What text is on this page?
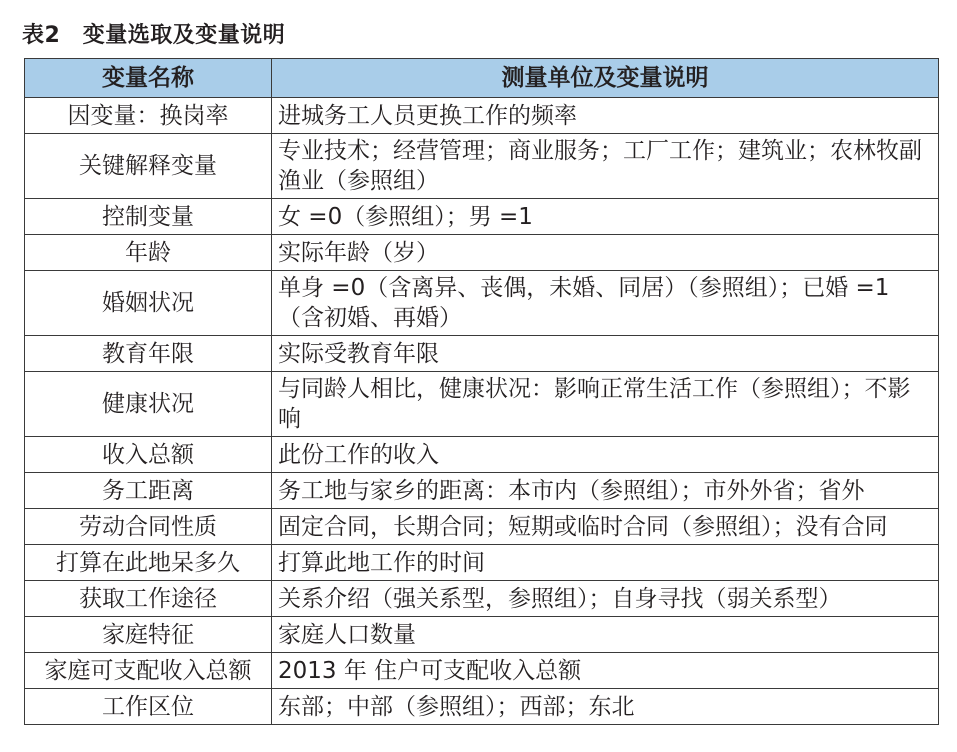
表2　变量选取及变量说明
变量名称	测量单位及变量说明
因变量：换岗率	进城务工人员更换工作的频率
关键解释变量	专业技术；经营管理；商业服务；工厂工作；建筑业；农林牧副渔业（参照组）
控制变量	女 =0（参照组）；男 =1
年龄	实际年龄（岁）
婚姻状况	单身 =0（含离异、丧偶，未婚、同居）（参照组）；已婚 =1（含初婚、再婚）
教育年限	实际受教育年限
健康状况	与同龄人相比，健康状况：影响正常生活工作（参照组）；不影响
收入总额	此份工作的收入
务工距离	务工地与家乡的距离：本市内（参照组）；市外外省；省外
劳动合同性质	固定合同，长期合同；短期或临时合同（参照组）；没有合同
打算在此地呆多久	打算此地工作的时间
获取工作途径	关系介绍（强关系型，参照组）；自身寻找（弱关系型）
家庭特征	家庭人口数量
家庭可支配收入总额	2013 年 住户可支配收入总额
工作区位	东部；中部（参照组）；西部；东北
